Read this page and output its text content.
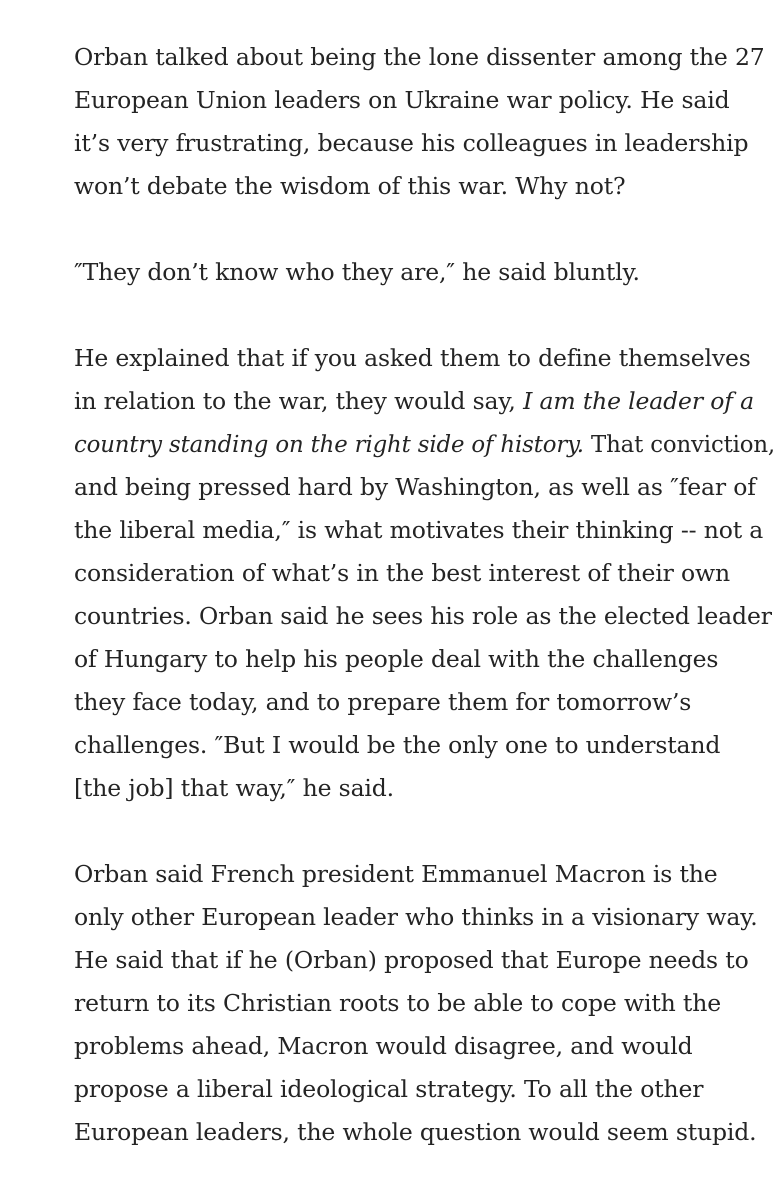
Orban talked about being the lone dissenter among the 27
European Union leaders on Ukraine war policy. He said
it’s very frustrating, because his colleagues in leadership
won’t debate the wisdom of this war. Why not?

″They don’t know who they are,″ he said bluntly.

He explained that if you asked them to define themselves
in relation to the war, they would say, I am the leader of a
country standing on the right side of history. That conviction,
and being pressed hard by Washington, as well as ″fear of
the liberal media,″ is what motivates their thinking -- not a
consideration of what’s in the best interest of their own
countries. Orban said he sees his role as the elected leader
of Hungary to help his people deal with the challenges
they face today, and to prepare them for tomorrow’s
challenges. ″But I would be the only one to understand
[the job] that way,″ he said.

Orban said French president Emmanuel Macron is the
only other European leader who thinks in a visionary way.
He said that if he (Orban) proposed that Europe needs to
return to its Christian roots to be able to cope with the
problems ahead, Macron would disagree, and would
propose a liberal ideological strategy. To all the other
European leaders, the whole question would seem stupid.
